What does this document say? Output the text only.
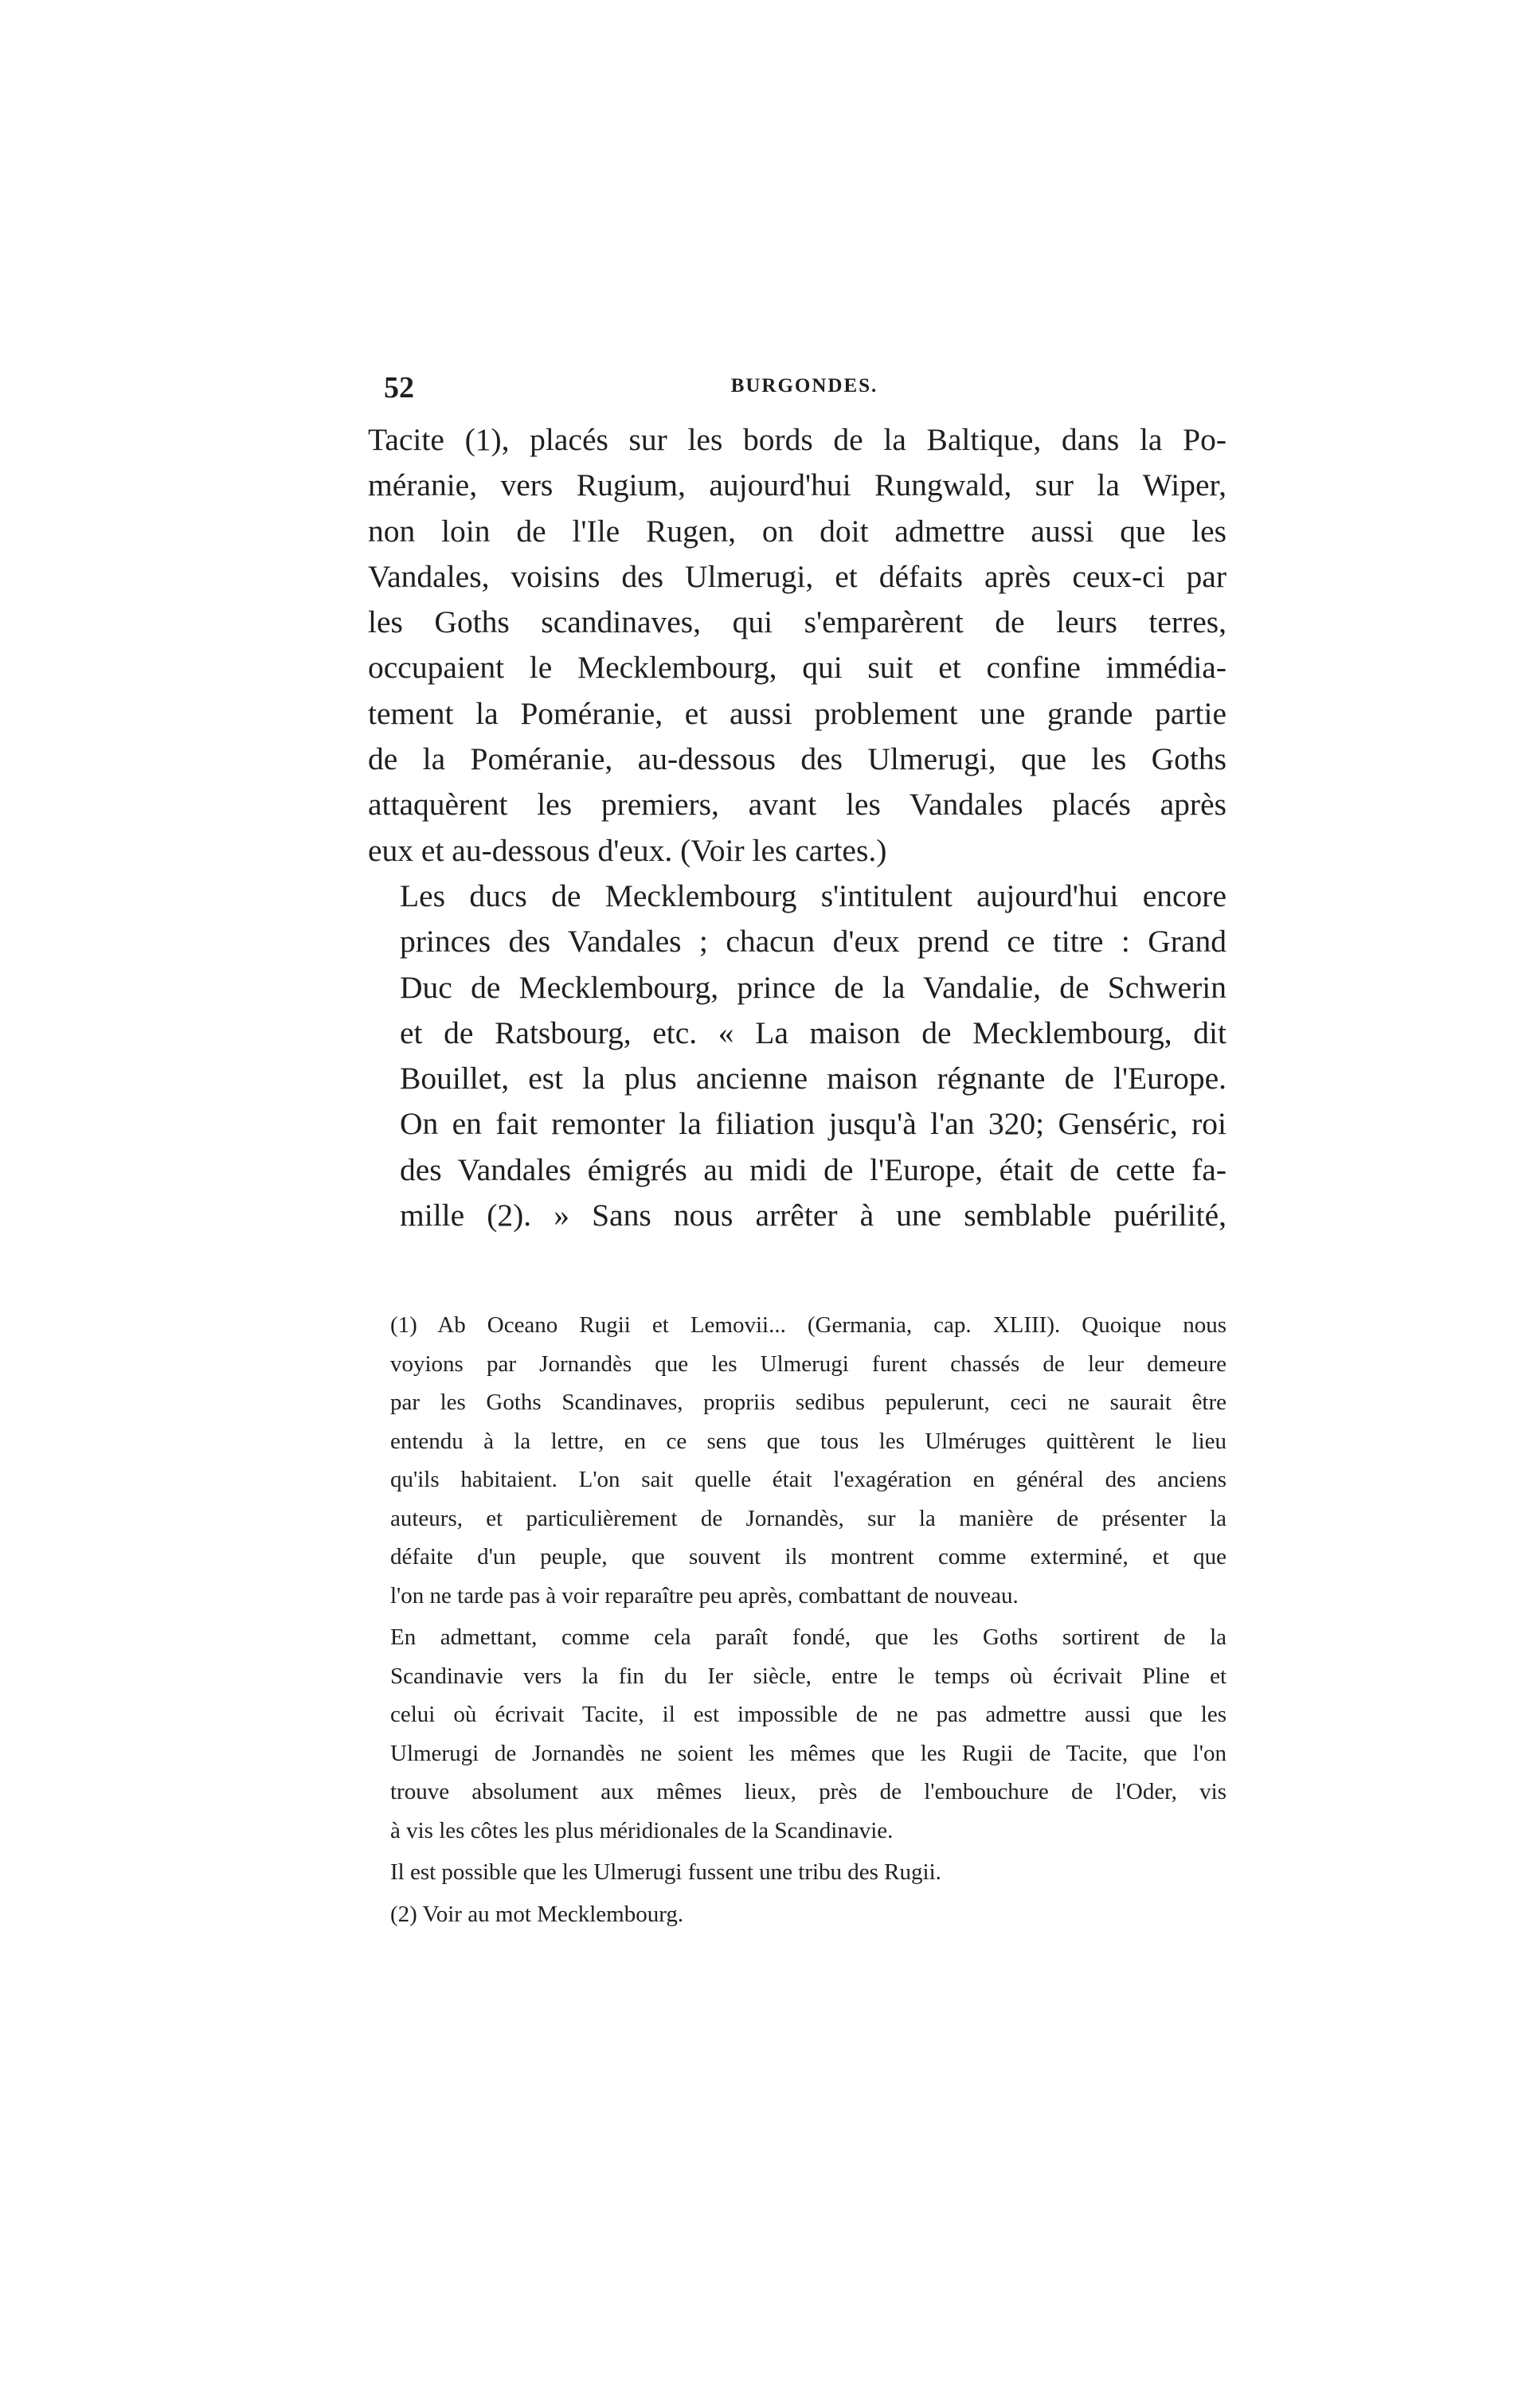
52	BURGONDES.

Tacite (1), placés sur les bords de la Baltique, dans la Po-
méranie, vers Rugium, aujourd'hui Rungwald, sur la Wiper,
non loin de l'Ile Rugen, on doit admettre aussi que les
Vandales, voisins des Ulmerugi, et défaits après ceux-ci par
les Goths scandinaves, qui s'emparèrent de leurs terres,
occupaient le Mecklembourg, qui suit et confine immédia-
tement la Poméranie, et aussi problement une grande partie
de la Poméranie, au-dessous des Ulmerugi, que les Goths
attaquèrent les premiers, avant les Vandales placés après
eux et au-dessous d'eux. (Voir les cartes.)

Les ducs de Mecklembourg s'intitulent aujourd'hui encore
princes des Vandales ; chacun d'eux prend ce titre : Grand
Duc de Mecklembourg, prince de la Vandalie, de Schwerin
et de Ratsbourg, etc. « La maison de Mecklembourg, dit
Bouillet, est la plus ancienne maison régnante de l'Europe.
On en fait remonter la filiation jusqu'à l'an 320; Genséric, roi
des Vandales émigrés au midi de l'Europe, était de cette fa-
mille (2). » Sans nous arrêter à une semblable puérilité,

(1) Ab Oceano Rugii et Lemovii... (Germania, cap. XLIII). Quoique nous
voyions par Jornandès que les Ulmerugi furent chassés de leur demeure
par les Goths Scandinaves, propriis sedibus pepulerunt, ceci ne saurait être
entendu à la lettre, en ce sens que tous les Ulméruges quittèrent le lieu
qu'ils habitaient. L'on sait quelle était l'exagération en général des anciens
auteurs, et particulièrement de Jornandès, sur la manière de présenter la
défaite d'un peuple, que souvent ils montrent comme exterminé, et que
l'on ne tarde pas à voir reparaître peu après, combattant de nouveau.

En admettant, comme cela paraît fondé, que les Goths sortirent de la
Scandinavie vers la fin du Ier siècle, entre le temps où écrivait Pline et
celui où écrivait Tacite, il est impossible de ne pas admettre aussi que les
Ulmerugi de Jornandès ne soient les mêmes que les Rugii de Tacite, que l'on
trouve absolument aux mêmes lieux, près de l'embouchure de l'Oder, vis
à vis les côtes les plus méridionales de la Scandinavie.

Il est possible que les Ulmerugi fussent une tribu des Rugii.

(2) Voir au mot Mecklembourg.
